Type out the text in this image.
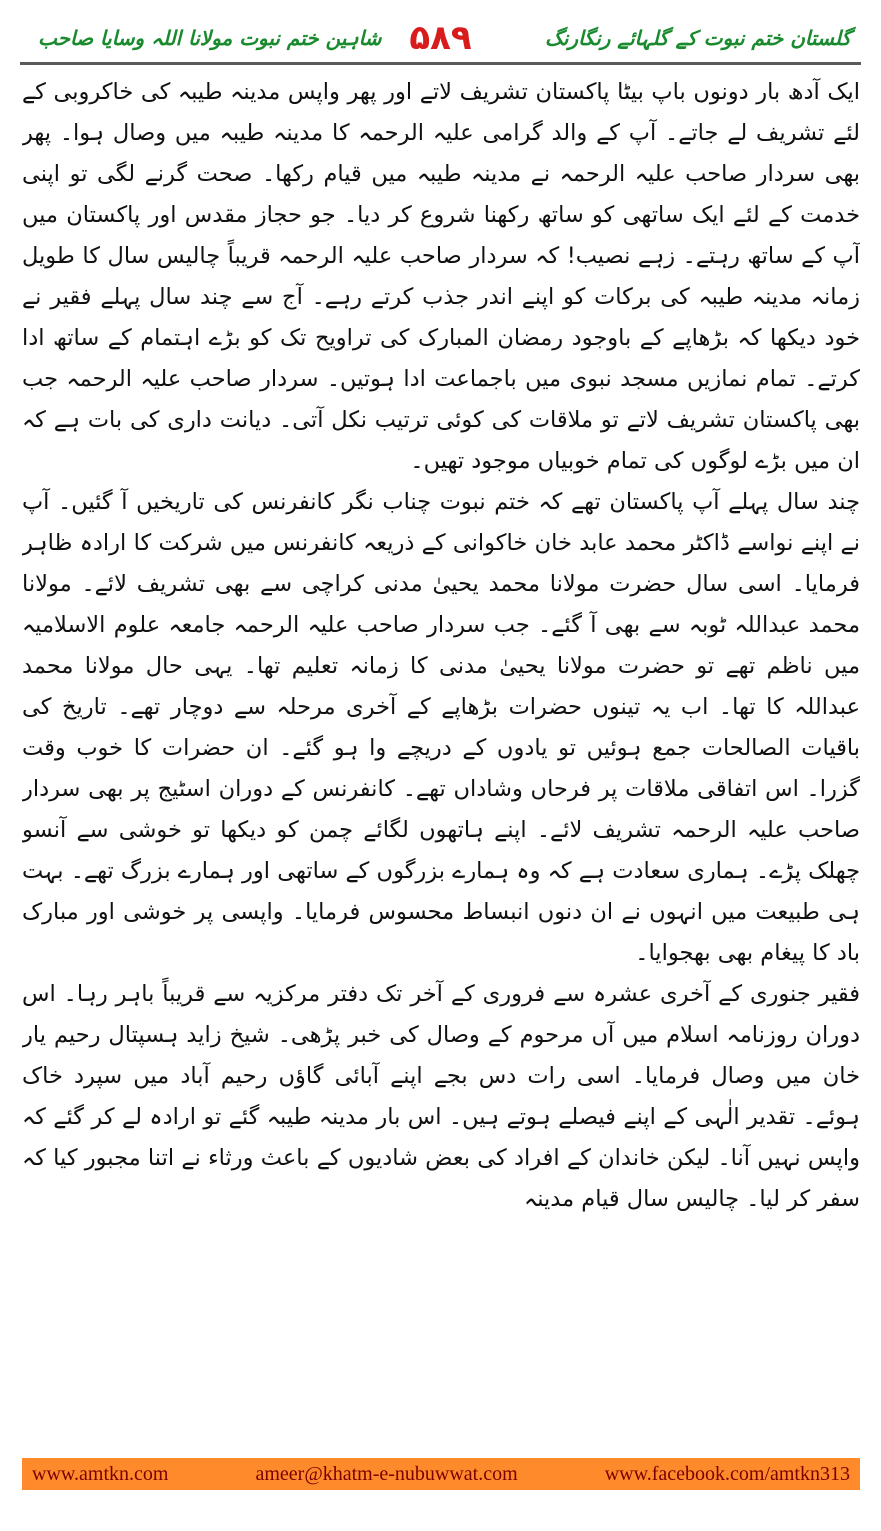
گلستان ختم نبوت کے گلہائے رنگارنگ
۵۸۹
شاہین ختم نبوت مولانا اللہ وسایا صاحب

ایک آدھ بار دونوں باپ بیٹا پاکستان تشریف لاتے اور پھر واپس مدینہ طیبہ کی خاکروبی کے لئے تشریف لے جاتے۔ آپ کے والد گرامی علیہ الرحمہ کا مدینہ طیبہ میں وصال ہوا۔ پھر بھی سردار صاحب علیہ الرحمہ نے مدینہ طیبہ میں قیام رکھا۔ صحت گرنے لگی تو اپنی خدمت کے لئے ایک ساتھی کو ساتھ رکھنا شروع کر دیا۔ جو حجاز مقدس اور پاکستان میں آپ کے ساتھ رہتے۔ زہے نصیب! کہ سردار صاحب علیہ الرحمہ قریباً چالیس سال کا طویل زمانہ مدینہ طیبہ کی برکات کو اپنے اندر جذب کرتے رہے۔ آج سے چند سال پہلے فقیر نے خود دیکھا کہ بڑھاپے کے باوجود رمضان المبارک کی تراویح تک کو بڑے اہتمام کے ساتھ ادا کرتے۔ تمام نمازیں مسجد نبوی میں باجماعت ادا ہوتیں۔ سردار صاحب علیہ الرحمہ جب بھی پاکستان تشریف لاتے تو ملاقات کی کوئی ترتیب نکل آتی۔ دیانت داری کی بات ہے کہ ان میں بڑے لوگوں کی تمام خوبیاں موجود تھیں۔

چند سال پہلے آپ پاکستان تھے کہ ختم نبوت چناب نگر کانفرنس کی تاریخیں آ گئیں۔ آپ نے اپنے نواسے ڈاکٹر محمد عابد خان خاکوانی کے ذریعہ کانفرنس میں شرکت کا ارادہ ظاہر فرمایا۔ اسی سال حضرت مولانا محمد یحییٰ مدنی کراچی سے بھی تشریف لائے۔ مولانا محمد عبداللہ ٹوبہ سے بھی آ گئے۔ جب سردار صاحب علیہ الرحمہ جامعہ علوم الاسلامیہ میں ناظم تھے تو حضرت مولانا یحییٰ مدنی کا زمانہ تعلیم تھا۔ یہی حال مولانا محمد عبداللہ کا تھا۔ اب یہ تینوں حضرات بڑھاپے کے آخری مرحلہ سے دوچار تھے۔ تاریخ کی باقیات الصالحات جمع ہوئیں تو یادوں کے دریچے وا ہو گئے۔ ان حضرات کا خوب وقت گزرا۔ اس اتفاقی ملاقات پر فرحاں وشاداں تھے۔ کانفرنس کے دوران اسٹیج پر بھی سردار صاحب علیہ الرحمہ تشریف لائے۔ اپنے ہاتھوں لگائے چمن کو دیکھا تو خوشی سے آنسو چھلک پڑے۔ ہماری سعادت ہے کہ وہ ہمارے بزرگوں کے ساتھی اور ہمارے بزرگ تھے۔ بہت ہی طبیعت میں انہوں نے ان دنوں انبساط محسوس فرمایا۔ واپسی پر خوشی اور مبارک باد کا پیغام بھی بھجوایا۔

فقیر جنوری کے آخری عشرہ سے فروری کے آخر تک دفتر مرکزیہ سے قریباً باہر رہا۔ اس دوران روزنامہ اسلام میں آں مرحوم کے وصال کی خبر پڑھی۔ شیخ زاید ہسپتال رحیم یار خان میں وصال فرمایا۔ اسی رات دس بجے اپنے آبائی گاؤں رحیم آباد میں سپرد خاک ہوئے۔ تقدیر الٰہی کے اپنے فیصلے ہوتے ہیں۔ اس بار مدینہ طیبہ گئے تو ارادہ لے کر گئے کہ واپس نہیں آنا۔ لیکن خاندان کے افراد کی بعض شادیوں کے باعث ورثاء نے اتنا مجبور کیا کہ سفر کر لیا۔ چالیس سال قیام مدینہ

www.amtkn.com	ameer@khatm-e-nubuwwat.com	www.facebook.com/amtkn313
